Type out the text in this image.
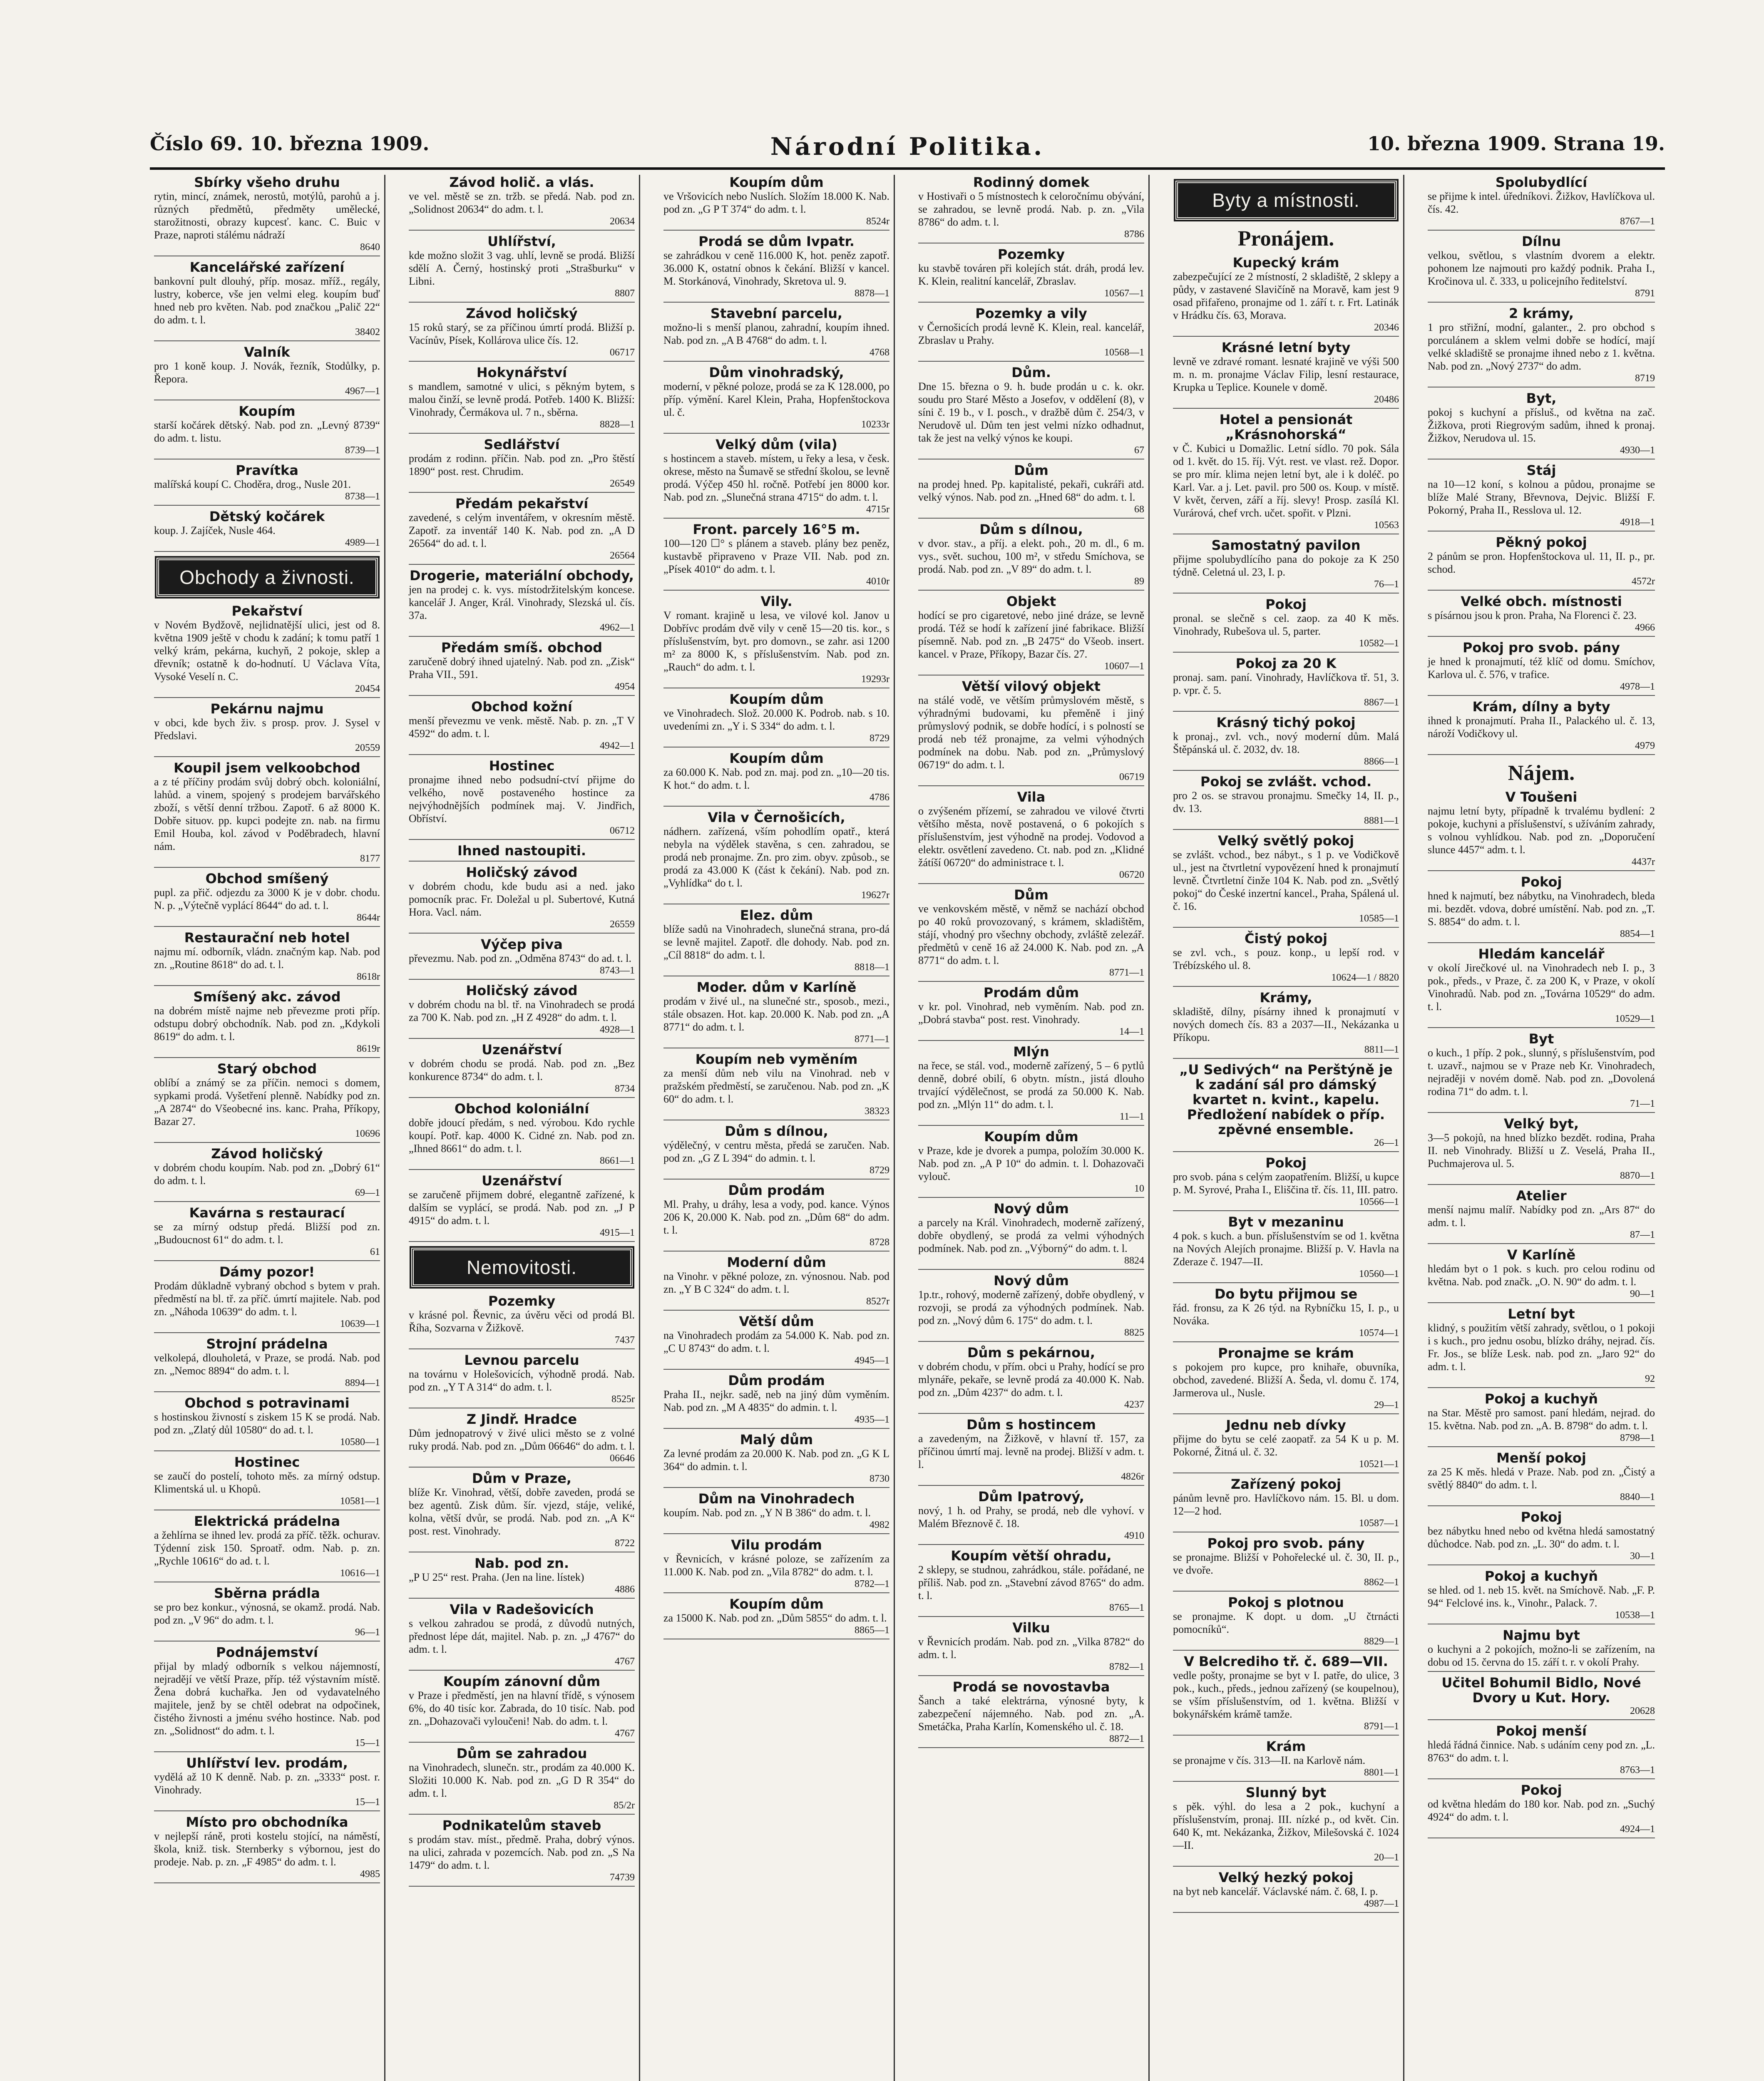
Číslo 69. 10. března 1909.	Národní Politika.	10. března 1909. Strana 19.
Sbírky všeho druhu

rytin, mincí, známek, nerostů, motýlů, parohů a j. různých předmětů, předměty umělecké, starožitnosti, obrazy kupcesť. kanc. C. Buic v Praze, naproti stálému nádraží

8640
Kancelářské zařízení

bankovní pult dlouhý, příp. mosaz. mříž., regály, lustry, koberce, vše jen velmi eleg. koupím buď hned neb pro květen. Nab. pod značkou „Palič 22“ do adm. t. l.

38402
Valník

pro 1 koně koup. J. Novák, řezník, Stodůlky, p. Řepora.

4967—1
Koupím

starší kočárek dětský. Nab. pod zn. „Levný 8739“ do adm. t. listu.

8739—1
Pravítka

malířská koupí C. Choděra, drog., Nusle 201.

8738—1
Dětský kočárek

koup. J. Zajíček, Nusle 464.

4989—1
Obchody a živnosti.
Pekařství

v Novém Bydžově, nejlidnatější ulici, jest od 8. května 1909 ještě v chodu k zadání; k tomu patří 1 velký krám, pekárna, kuchyň, 2 pokoje, sklep a dřevník; ostatně k do-hodnutí. U Václava Víta, Vysoké Veselí n. C.

20454
Pekárnu najmu

v obci, kde bych živ. s prosp. prov. J. Sysel v Předslavi.

20559
Koupil jsem velkoobchod

a z té příčiny prodám svůj dobrý obch. koloniální, lahůd. a vinem, spojený s prodejem barvářského zboží, s větší denní tržbou. Zapotř. 6 až 8000 K. Dobře situov. pp. kupci podejte zn. nab. na firmu Emil Houba, kol. závod v Poděbradech, hlavní nám.

8177
Obchod smíšený

pupl. za přič. odjezdu za 3000 K je v dobr. chodu. N. p. „Výtečně vyplácí 8644“ do ad. t. l.

8644r
Restaurační neb hotel

najmu mí. odborník, vládn. značným kap. Nab. pod zn. „Routine 8618“ do ad. t. l.

8618r
Smíšený akc. závod

na dobrém místě najme neb převezme proti příp. odstupu dobrý obchodník. Nab. pod zn. „Kdykoli 8619“ do adm. t. l.

8619r
Starý obchod

oblíbí a známý se za příčin. nemoci s domem, sypkami prodá. Vyšetření plenně. Nabídky pod zn. „A 2874“ do Všeobecné ins. kanc. Praha, Příkopy, Bazar 27.

10696
Závod holičský

v dobrém chodu koupím. Nab. pod zn. „Dobrý 61“ do adm. t. l.

69—1
Kavárna s restaurací

se za mírný odstup předá. Bližší pod zn. „Budoucnost 61“ do adm. t. l.

61
Dámy pozor!

Prodám důkladně vybraný obchod s bytem v prah. předměstí na bl. tř. za příč. úmrtí majitele. Nab. pod zn. „Náhoda 10639“ do adm. t. l.

10639—1
Strojní prádelna

velkolepá, dlouholetá, v Praze, se prodá. Nab. pod zn. „Nemoc 8894“ do adm. t. l.

8894—1
Obchod s potravinami

s hostinskou živností s ziskem 15 K se prodá. Nab. pod zn. „Zlatý důl 10580“ do ad. t. l.

10580—1
Hostinec

se zaučí do postelí, tohoto měs. za mírný odstup. Klimentská ul. u Khopů.

10581—1
Elektrická prádelna

a žehlírna se ihned lev. prodá za příč. těžk. ochurav. Týdenní zisk 150. Sproatř. odm. Nab. p. zn. „Rychle 10616“ do ad. t. l.

10616—1
Sběrna prádla

se pro bez konkur., výnosná, se okamž. prodá. Nab. pod zn. „V 96“ do adm. t. l.

96—1
Podnájemství

přijal by mladý odborník s velkou nájemností, nejradějí ve větší Praze, příp. též výstavním místě. Žena dobrá kuchařka. Jen od vydavatelného majitele, jenž by se chtěl odebrat na odpočinek, čistého živnosti a jménu svého hostince. Nab. pod zn. „Solidnost“ do adm. t. l.

15—1
Uhlířství lev. prodám,

vydělá až 10 K denně. Nab. p. zn. „3333“ post. r. Vinohrady.

15—1
Místo pro obchodníka

v nejlepší ráně, proti kostelu stojící, na náměstí, škola, kniž. tisk. Sternberky s výbornou, jest do prodeje. Nab. p. zn. „F 4985“ do adm. t. l.

4985
Závod holič. a vlás.

ve vel. městě se zn. tržb. se předá. Nab. pod zn. „Solidnost 20634“ do adm. t. l.

20634
Uhlířství,

kde možno složit 3 vag. uhlí, levně se prodá. Bližší sdělí A. Černý, hostinský proti „Strašburku“ v Libni.

8807
Závod holičský

15 roků starý, se za příčinou úmrtí prodá. Bližší p. Vacínův, Písek, Kollárova ulice čís. 12.

06717
Hokynářství

s mandlem, samotné v ulici, s pěkným bytem, s malou činží, se levně prodá. Potřeb. 1400 K. Bližší: Vinohrady, Čermákova ul. 7 n., sběrna.

8828—1
Sedlářství

prodám z rodinn. příčin. Nab. pod zn. „Pro štěstí 1890“ post. rest. Chrudim.

26549
Předám pekařství

zavedené, s celým inventářem, v okresním městě. Zapotř. za inventář 140 K. Nab. pod zn. „A D 26564“ do ad. t. l.

26564
Drogerie, materiální obchody,

jen na prodej c. k. vys. místodržitelským koncese. kancelář J. Anger, Král. Vinohrady, Slezská ul. čís. 37a.

4962—1
Předám smíš. obchod

zaručeně dobrý ihned ujatelný. Nab. pod zn. „Zisk“ Praha VII., 591.

4954
Obchod kožní

menší převezmu ve venk. městě. Nab. p. zn. „T V 4592“ do adm. t. l.

4942—1
Hostinec

pronajme ihned nebo podsudní-ctví přijme do velkého, nově postaveného hostince za nejvýhodnějších podmínek maj. V. Jindřich, Obříství.

06712
Ihned nastoupiti.
Holičský závod

v dobrém chodu, kde budu asi a ned. jako pomocník prac. Fr. Doležal u pl. Subertové, Kutná Hora. Vacl. nám.

26559
Výčep piva

převezmu. Nab. pod zn. „Odměna 8743“ do ad. t. l.

8743—1
Holičský závod

v dobrém chodu na bl. tř. na Vinohradech se prodá za 700 K. Nab. pod zn. „H Z 4928“ do adm. t. l.

4928—1
Uzenářství

v dobrém chodu se prodá. Nab. pod zn. „Bez konkurence 8734“ do adm. t. l.

8734
Obchod koloniální

dobře jdoucí předám, s ned. výrobou. Kdo rychle koupí. Potř. kap. 4000 K. Cidné zn. Nab. pod zn. „Ihned 8661“ do adm. t. l.

8661—1
Uzenářství

se zaručeně přijmem dobré, elegantně zařízené, k dalším se vyplácí, se prodá. Nab. pod zn. „J P 4915“ do adm. t. l.

4915—1
Nemovitosti.
Pozemky

v krásné pol. Řevnic, za úvěru věci od prodá Bl. Říha, Sozvarna v Žižkově.

7437
Levnou parcelu

na továrnu v Holešovicích, výhodně prodá. Nab. pod zn. „Y T A 314“ do adm. t. l.

8525r
Z Jindř. Hradce

Dům jednopatrový v živé ulici město se z volné ruky prodá. Nab. pod zn. „Dům 06646“ do adm. t. l.

06646
Dům v Praze,

blíže Kr. Vinohrad, větší, dobře zaveden, prodá se bez agentů. Zisk dům. šír. vjezd, stáje, veliké, kolna, větší dvůr, se prodá. Nab. pod zn. „A K“ post. rest. Vinohrady.

8722
Nab. pod zn.

„P U 25“ rest. Praha. (Jen na line. lístek)

4886
Vila v Radešovicích

s velkou zahradou se prodá, z důvodů nutných, přednost lépe dát, majitel. Nab. p. zn. „J 4767“ do adm. t. l.

4767
Koupím zánovní dům

v Praze i předměstí, jen na hlavní třídě, s výnosem 6%, do 40 tisíc kor. Zabrada, do 10 tisíc. Nab. pod zn. „Dohazovači vyloučeni! Nab. do adm. t. l.

4767
Dům se zahradou

na Vinohradech, slunečn. str., prodám za 40.000 K. Složiti 10.000 K. Nab. pod zn. „G D R 354“ do adm. t. l.

85/2r
Podnikatelům staveb

s prodám stav. míst., předmě. Praha, dobrý výnos. na ulici, zahrada v pozemcích. Nab. pod zn. „S Na 1479“ do adm. t. l.

74739
Koupím dům

ve Vršovicích nebo Nuslích. Složím 18.000 K. Nab. pod zn. „G P T 374“ do adm. t. l.

8524r
Prodá se dům Ivpatr.

se zahrádkou v ceně 116.000 K, hot. peněz zapotř. 36.000 K, ostatní obnos k čekání. Bližší v kancel. M. Storkánová, Vinohrady, Skretova ul. 9.

8878—1
Stavební parcelu,

možno-li s menší planou, zahradní, koupím ihned. Nab. pod zn. „A B 4768“ do adm. t. l.

4768
Dům vinohradský,

moderní, v pěkné poloze, prodá se za K 128.000, po příp. výmění. Karel Klein, Praha, Hopfenštockova ul. č.

10233r
Velký dům (vila)

s hostincem a staveb. místem, u řeky a lesa, v česk. okrese, město na Šumavě se střední školou, se levně prodá. Výčep 450 hl. ročně. Potřebí jen 8000 kor. Nab. pod zn. „Slunečná strana 4715“ do adm. t. l.

4715r
Front. parcely 16°5 m.

100—120 ☐° s plánem a staveb. plány bez peněz, kustavbě připraveno v Praze VII. Nab. pod zn. „Písek 4010“ do adm. t. l.

4010r
Vily.

V romant. krajině u lesa, ve vilové kol. Janov u Dobřívc prodám dvě vily v ceně 15—20 tis. kor., s příslušenstvím, byt. pro domovn., se zahr. asi 1200 m² za 8000 K, s příslušenstvím. Nab. pod zn. „Rauch“ do adm. t. l.

19293r
Koupím dům

ve Vinohradech. Slož. 20.000 K. Podrob. nab. s 10. uvedeními zn. „Y i. S 334“ do adm. t. l.

8729
Koupím dům

za 60.000 K. Nab. pod zn. maj. pod zn. „10—20 tis. K hot.“ do adm. t. l.

4786
Vila v Černošicích,

nádhern. zařízená, vším pohodlím opatř., která nebyla na výdělek stavěna, s cen. zahradou, se prodá neb pronajme. Zn. pro zim. obyv. způsob., se prodá za 43.000 K (část k čekání). Nab. pod zn. „Vyhlídka“ do t. l.

19627r
Elez. dům

blíže sadů na Vinohradech, slunečná strana, pro-dá se levně majitel. Zapotř. dle dohody. Nab. pod zn. „Cíl 8818“ do adm. t. l.

8818—1
Moder. dům v Karlíně

prodám v živé ul., na slunečné str., sposob., mezi., stále obsazen. Hot. kap. 20.000 K. Nab. pod zn. „A 8771“ do adm. t. l.

8771—1
Koupím neb vyměním

za menší dům neb vilu na Vinohrad. neb v pražském předměstí, se zaručenou. Nab. pod zn. „K 60“ do adm. t. l.

38323
Dům s dílnou,

výdělečný, v centru města, předá se zaručen. Nab. pod zn. „G Z L 394“ do admin. t. l.

8729
Dům prodám

Ml. Prahy, u dráhy, lesa a vody, pod. kance. Výnos 206 K, 20.000 K. Nab. pod zn. „Dům 68“ do adm. t. l.

8728
Moderní dům

na Vinohr. v pěkné poloze, zn. výnosnou. Nab. pod zn. „Y B C 324“ do adm. t. l.

8527r
Větší dům

na Vinohradech prodám za 54.000 K. Nab. pod zn. „C U 8743“ do adm. t. l.

4945—1
Dům prodám

Praha II., nejkr. sadě, neb na jiný dům vyměním. Nab. pod zn. „M A 4835“ do admin. t. l.

4935—1
Malý dům

Za levné prodám za 20.000 K. Nab. pod zn. „G K L 364“ do admin. t. l.

8730
Dům na Vinohradech

koupím. Nab. pod zn. „Y N B 386“ do adm. t. l.

4982
Vilu prodám

v Řevnicích, v krásné poloze, se zařízením za 11.000 K. Nab. pod zn. „Vila 8782“ do adm. t. l.

8782—1
Koupím dům

za 15000 K. Nab. pod zn. „Dům 5855“ do adm. t. l.

8865—1
Rodinný domek

v Hostivaři o 5 místnostech k celoročnímu obývání, se zahradou, se levně prodá. Nab. p. zn. „Vila 8786“ do adm. t. l.

8786
Pozemky

ku stavbě továren při kolejích stát. dráh, prodá lev. K. Klein, realitní kancelář, Zbraslav.

10567—1
Pozemky a vily

v Černošicích prodá levně K. Klein, real. kancelář, Zbraslav u Prahy.

10568—1
Dům.

Dne 15. března o 9. h. bude prodán u c. k. okr. soudu pro Staré Město a Josefov, v oddělení (8), v síni č. 19 b., v I. posch., v dražbě dům č. 254/3, v Nerudově ul. Dům ten jest velmi nízko odhadnut, tak že jest na velký výnos ke koupi.

67
Dům

na prodej hned. Pp. kapitalisté, pekaři, cukráři atd. velký výnos. Nab. pod zn. „Hned 68“ do adm. t. l.

68
Dům s dílnou,

v dvor. stav., a příj. a elekt. poh., 20 m. dl., 6 m. vys., svět. suchou, 100 m², v středu Smíchova, se prodá. Nab. pod zn. „V 89“ do adm. t. l.

89
Objekt

hodící se pro cigaretové, nebo jiné dráze, se levně prodá. Též se hodí k zařízení jiné fabrikace. Bližší písemně. Nab. pod zn. „B 2475“ do Všeob. insert. kancel. v Praze, Příkopy, Bazar čís. 27.

10607—1
Větší vilový objekt

na stálé vodě, ve větším průmyslovém městě, s výhradnými budovami, ku přeměně i jiný průmyslový podnik, se dobře hodící, i s polností se prodá neb též pronajme, za velmi výhodných podmínek na dobu. Nab. pod zn. „Průmyslový 06719“ do adm. t. l.

06719
Vila

o zvýšeném přízemí, se zahradou ve vilové čtvrti většího města, nově postavená, o 6 pokojích s příslušenstvím, jest výhodně na prodej. Vodovod a elektr. osvětlení zavedeno. Ct. nab. pod zn. „Klidné žátíší 06720“ do administrace t. l.

06720
Dům

ve venkovském městě, v němž se nachází obchod po 40 roků provozovaný, s krámem, skladištěm, stájí, vhodný pro všechny obchody, zvláště zelezář. předmětů v ceně 16 až 24.000 K. Nab. pod zn. „A 8771“ do adm. t. l.

8771—1
Prodám dům

v kr. pol. Vinohrad, neb vyměním. Nab. pod zn. „Dobrá stavba“ post. rest. Vinohrady.

14—1
Mlýn

na řece, se stál. vod., moderně zařízený, 5 – 6 pytlů denně, dobré obilí, 6 obytn. místn., jistá dlouho trvající výdělečnost, se prodá za 50.000 K. Nab. pod zn. „Mlýn 11“ do adm. t. l.

11—1
Koupím dům

v Praze, kde je dvorek a pumpa, položím 30.000 K. Nab. pod zn. „A P 10“ do admin. t. l. Dohazovači vylouč.

10
Nový dům

a parcely na Král. Vinohradech, moderně zařízený, dobře obydlený, se prodá za velmi výhodných podmínek. Nab. pod zn. „Výborný“ do adm. t. l.

8824
Nový dům

1p.tr., rohový, moderně zařízený, dobře obydlený, v rozvoji, se prodá za výhodných podmínek. Nab. pod zn. „Nový dům 6. 175“ do adm. t. l.

8825
Dům s pekárnou,

v dobrém chodu, v přím. obci u Prahy, hodící se pro mlynáře, pekaře, se levně prodá za 40.000 K. Nab. pod zn. „Dům 4237“ do adm. t. l.

4237
Dům s hostincem

a zavedeným, na Žižkově, v hlavní tř. 157, za příčinou úmrtí maj. levně na prodej. Bližší v adm. t. l.

4826r
Dům Ipatrový,

nový, 1 h. od Prahy, se prodá, neb dle vyhoví. v Malém Březnově č. 18.

4910
Koupím větší ohradu,

2 sklepy, se studnou, zahrádkou, stále. pořádané, ne příliš. Nab. pod zn. „Stavební závod 8765“ do adm. t. l.

8765—1
Vilku

v Řevnicích prodám. Nab. pod zn. „Vilka 8782“ do adm. t. l.

8782—1
Prodá se novostavba

Šanch a také elektrárna, výnosné byty, k zabezpečení nájemného. Nab. pod zn. „A. Smetáčka, Praha Karlín, Komenského ul. č. 18.

8872—1
Byty a místnosti.
Pronájem.
Kupecký krám

zabezpečující ze 2 místností, 2 skladiště, 2 sklepy a půdy, v zastavené Slavičíně na Moravě, kam jest 9 osad přifařeno, pronajme od 1. září t. r. Frt. Latinák v Hrádku čís. 63, Morava.

20346
Krásné letní byty

levně ve zdravé romant. lesnaté krajině ve výši 500 m. n. m. pronajme Václav Filip, lesní restaurace, Krupka u Teplice. Kounele v domě.

20486
Hotel a pensionát „Krásnohorská“

v Č. Kubici u Domažlic. Letní sídlo. 70 pok. Sála od 1. květ. do 15. říj. Výt. rest. ve vlast. rež. Dopor. se pro mír. klima nejen letní byt, ale i k doléč. po Karl. Var. a j. Let. pavil. pro 500 os. Koup. v místě. V květ, červen, září a říj. slevy! Prosp. zasílá Kl. Vurárová, chef vrch. učet. spořit. v Plzni.

10563
Samostatný pavilon

přijme spolubydlícího pana do pokoje za K 250 týdně. Celetná ul. 23, I. p.

76—1
Pokoj

pronal. se slečně s cel. zaop. za 40 K měs. Vinohrady, Rubešova ul. 5, parter.

10582—1
Pokoj za 20 K

pronaj. sam. paní. Vinohrady, Havlíčkova tř. 51, 3. p. vpr. č. 5.

8867—1
Krásný tichý pokoj

k pronaj., zvl. vch., nový moderní dům. Malá Štěpánská ul. č. 2032, dv. 18.

8866—1
Pokoj se zvlášt. vchod.

pro 2 os. se stravou pronajmu. Smečky 14, II. p., dv. 13.

8881—1
Velký světlý pokoj

se zvlášt. vchod., bez nábyt., s 1 p. ve Vodičkově ul., jest na čtvrtletní vypovězení hned k pronajmutí levně. Čtvrtletní činže 104 K. Nab. pod zn. „Světlý pokoj“ do České inzertní kancel., Praha, Spálená ul. č. 16.

10585—1
Čistý pokoj

se zvl. vch., s pouz. konp., u lepší rod. v Trébízského ul. 8.

10624—1 / 8820
Krámy,

skladiště, dílny, písárny ihned k pronajmutí v nových domech čís. 83 a 2037—II., Nekázanka u Příkopu.

8811—1
„U Sedivých“ na Perštýně je k zadání sál pro dámský kvartet n. kvint., kapelu. Předložení nabídek o příp. zpěvné ensemble.
26—1
Pokoj

pro svob. pána s celým zaopatřením. Bližší, u kupce p. M. Syrové, Praha I., Eliščina tř. čís. 11, III. patro.

10566—1
Byt v mezaninu

4 pok. s kuch. a bun. příslušenstvím se od 1. května na Nových Alejích pronajme. Bližší p. V. Havla na Zderaze č. 1947—II.

10560—1
Do bytu přijmou se

řád. fronsu, za K 26 týd. na Rybníčku 15, I. p., u Nováka.

10574—1
Pronajme se krám

s pokojem pro kupce, pro knihaře, obuvníka, obchod, zavedené. Bližší A. Šeda, vl. domu č. 174, Jarmerova ul., Nusle.

29—1
Jednu neb dívky

přijme do bytu se celé zaopatř. za 54 K u p. M. Pokorné, Žitná ul. č. 32.

10521—1
Zařízený pokoj

pánům levně pro. Havlíčkovo nám. 15. Bl. u dom. 12—2 hod.

10587—1
Pokoj pro svob. pány

se pronajme. Bližší v Pohořelecké ul. č. 30, II. p., ve dvoře.

8862—1
Pokoj s plotnou

se pronajme. K dopt. u dom. „U čtrnácti pomocníků“.

8829—1
V Belcrediho tř. č. 689—VII.

vedle pošty, pronajme se byt v I. patře, do ulice, 3 pok., kuch., předs., jednou zařízený (se koupelnou), se vším příslušenstvím, od 1. května. Bližší v bokynářském krámě tamže.

8791—1
Krám

se pronajme v čís. 313—II. na Karlově nám.

8801—1
Slunný byt

s pěk. výhl. do lesa a 2 pok., kuchyní a příslušenstvím, pronaj. III. nízké p., od květ. Cin. 640 K, mt. Nekázanka, Žižkov, Milešovská č. 1024—II.

20—1
Velký hezký pokoj

na byt neb kancelář. Václavské nám. č. 68, I. p.

4987—1
Spolubydlící

se přijme k intel. úředníkovi. Žižkov, Havlíčkova ul. čís. 42.

8767—1
Dílnu

velkou, světlou, s vlastním dvorem a elektr. pohonem lze najmouti pro každý podnik. Praha I., Kročinova ul. č. 333, u policejního ředitelství.

8791
2 krámy,

1 pro střižní, modní, galanter., 2. pro obchod s porculánem a sklem velmi dobře se hodící, mají velké skladiště se pronajme ihned nebo z 1. května. Nab. pod zn. „Nový 2737“ do adm.

8719
Byt,

pokoj s kuchyní a přísluš., od května na zač. Žižkova, proti Riegrovým sadům, ihned k pronaj. Žižkov, Nerudova ul. 15.

4930—1
Stáj

na 10—12 koní, s kolnou a půdou, pronajme se blíže Malé Strany, Břevnova, Dejvic. Bližší F. Pokorný, Praha II., Resslova ul. 12.

4918—1
Pěkný pokoj

2 pánům se pron. Hopfenštockova ul. 11, II. p., pr. schod.

4572r
Velké obch. místnosti

s písárnou jsou k pron. Praha, Na Florenci č. 23.

4966
Pokoj pro svob. pány

je hned k pronajmutí, též klíč od domu. Smíchov, Karlova ul. č. 576, v trafice.

4978—1
Krám, dílny a byty

ihned k pronajmutí. Praha II., Palackého ul. č. 13, nároží Vodičkovy ul.

4979
Nájem.
V Toušeni

najmu letní byty, případně k trvalému bydlení: 2 pokoje, kuchyni a příslušenství, s užíváním zahrady, s volnou vyhlídkou. Nab. pod zn. „Doporučení slunce 4457“ adm. t. l.

4437r
Pokoj

hned k najmutí, bez nábytku, na Vinohradech, bleda mi. bezdět. vdova, dobré umístění. Nab. pod zn. „T. S. 8854“ do adm. t. l.

8854—1
Hledám kancelář

v okolí Jirečkové ul. na Vinohradech neb I. p., 3 pok., předs., v Praze, č. za 200 K, v Praze, v okolí Vinohradů. Nab. pod zn. „Továrna 10529“ do adm. t. l.

10529—1
Byt

o kuch., 1 příp. 2 pok., slunný, s příslušenstvím, pod t. uzavř., najmou se v Praze neb Kr. Vinohradech, nejraději v novém domě. Nab. pod zn. „Dovolená rodina 71“ do adm. t. l.

71—1
Velký byt,

3—5 pokojů, na hned blízko bezdět. rodina, Praha II. neb Vinohrady. Bližší u Z. Veselá, Praha II., Puchmajerova ul. 5.

8870—1
Atelier

menší najmu malíř. Nabídky pod zn. „Ars 87“ do adm. t. l.

87—1
V Karlíně

hledám byt o 1 pok. s kuch. pro celou rodinu od května. Nab. pod značk. „O. N. 90“ do adm. t. l.

90—1
Letní byt

klidný, s použitím větší zahrady, světlou, o 1 pokoji i s kuch., pro jednu osobu, blízko dráhy, nejrad. čís. Fr. Jos., se blíže Lesk. nab. pod zn. „Jaro 92“ do adm. t. l.

92
Pokoj a kuchyň

na Star. Městě pro samost. paní hledám, nejrad. do 15. května. Nab. pod zn. „A. B. 8798“ do adm. t. l.

8798—1
Menší pokoj

za 25 K měs. hledá v Praze. Nab. pod zn. „Čistý a světlý 8840“ do adm. t. l.

8840—1
Pokoj

bez nábytku hned nebo od května hledá samostatný důchodce. Nab. pod zn. „L. 30“ do adm. t. l.

30—1
Pokoj a kuchyň

se hled. od 1. neb 15. květ. na Smíchově. Nab. „F. P. 94“ Felclové ins. k., Vinohr., Palack. 7.

10538—1
Najmu byt

o kuchyni a 2 pokojích, možno-li se zařízením, na dobu od 15. června do 15. září t. r. v okolí Prahy.

Učitel Bohumil Bidlo, Nové Dvory u Kut. Hory.
20628
Pokoj menší

hledá řádná činnice. Nab. s udáním ceny pod zn. „L. 8763“ do adm. t. l.

8763—1
Pokoj

od května hledám do 180 kor. Nab. pod zn. „Suchý 4924“ do adm. t. l.

4924—1
